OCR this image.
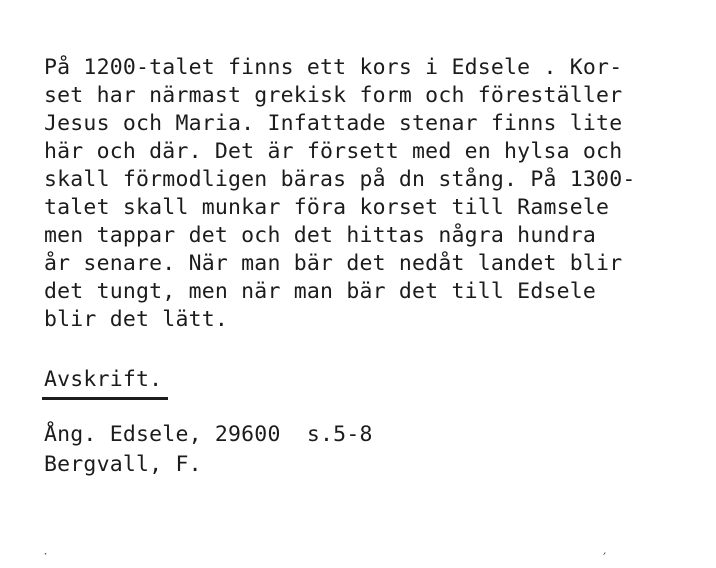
På 1200-talet finns ett kors i Edsele . Kor-
set har närmast grekisk form och föreställer
Jesus och Maria. Infattade stenar finns lite
här och där. Det är försett med en hylsa och
skall förmodligen bäras på dn stång. På 1300-
talet skall munkar föra korset till Ramsele
men tappar det och det hittas några hundra
år senare. När man bär det nedåt landet blir
det tungt, men när man bär det till Edsele
blir det lätt.
Avskrift.
Ång. Edsele, 29600  s.5-8
Bergvall, F.
˙	′
